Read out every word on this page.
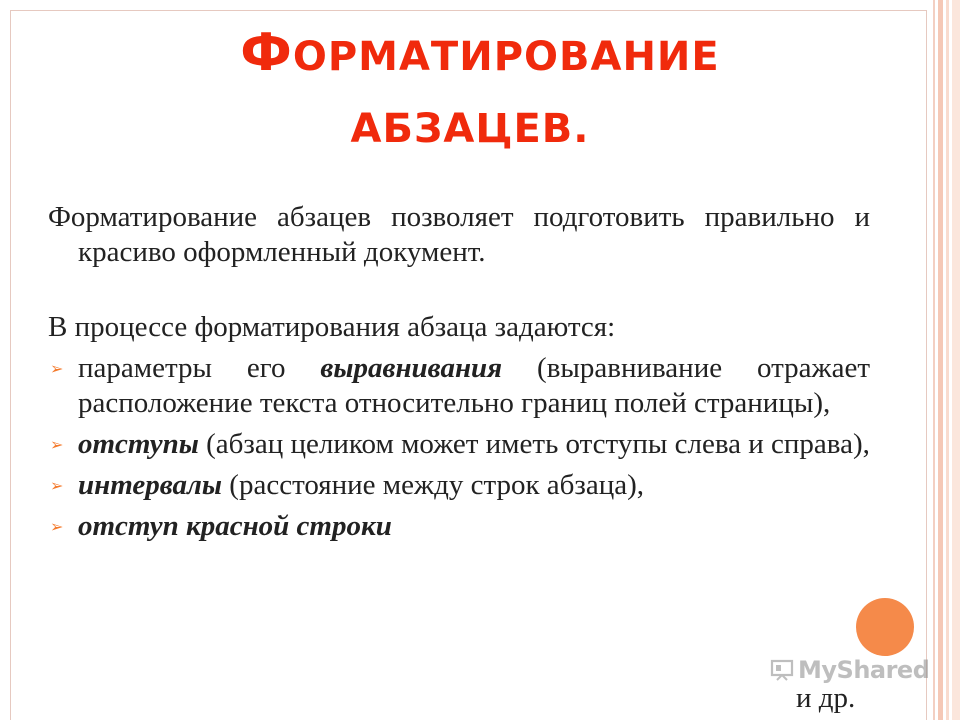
ФОРМАТИРОВАНИЕ
АБЗАЦЕВ.

Форматирование абзацев позволяет подготовить правильно и красиво оформленный документ.

В процессе форматирования абзаца задаются:

➢ параметры его выравнивания (выравнивание отражает расположение текста относительно границ полей страницы),
➢ отступы (абзац целиком может иметь отступы слева и справа),
➢ интервалы (расстояние между строк абзаца),
➢ отступ красной строки
MyShared
и др.
